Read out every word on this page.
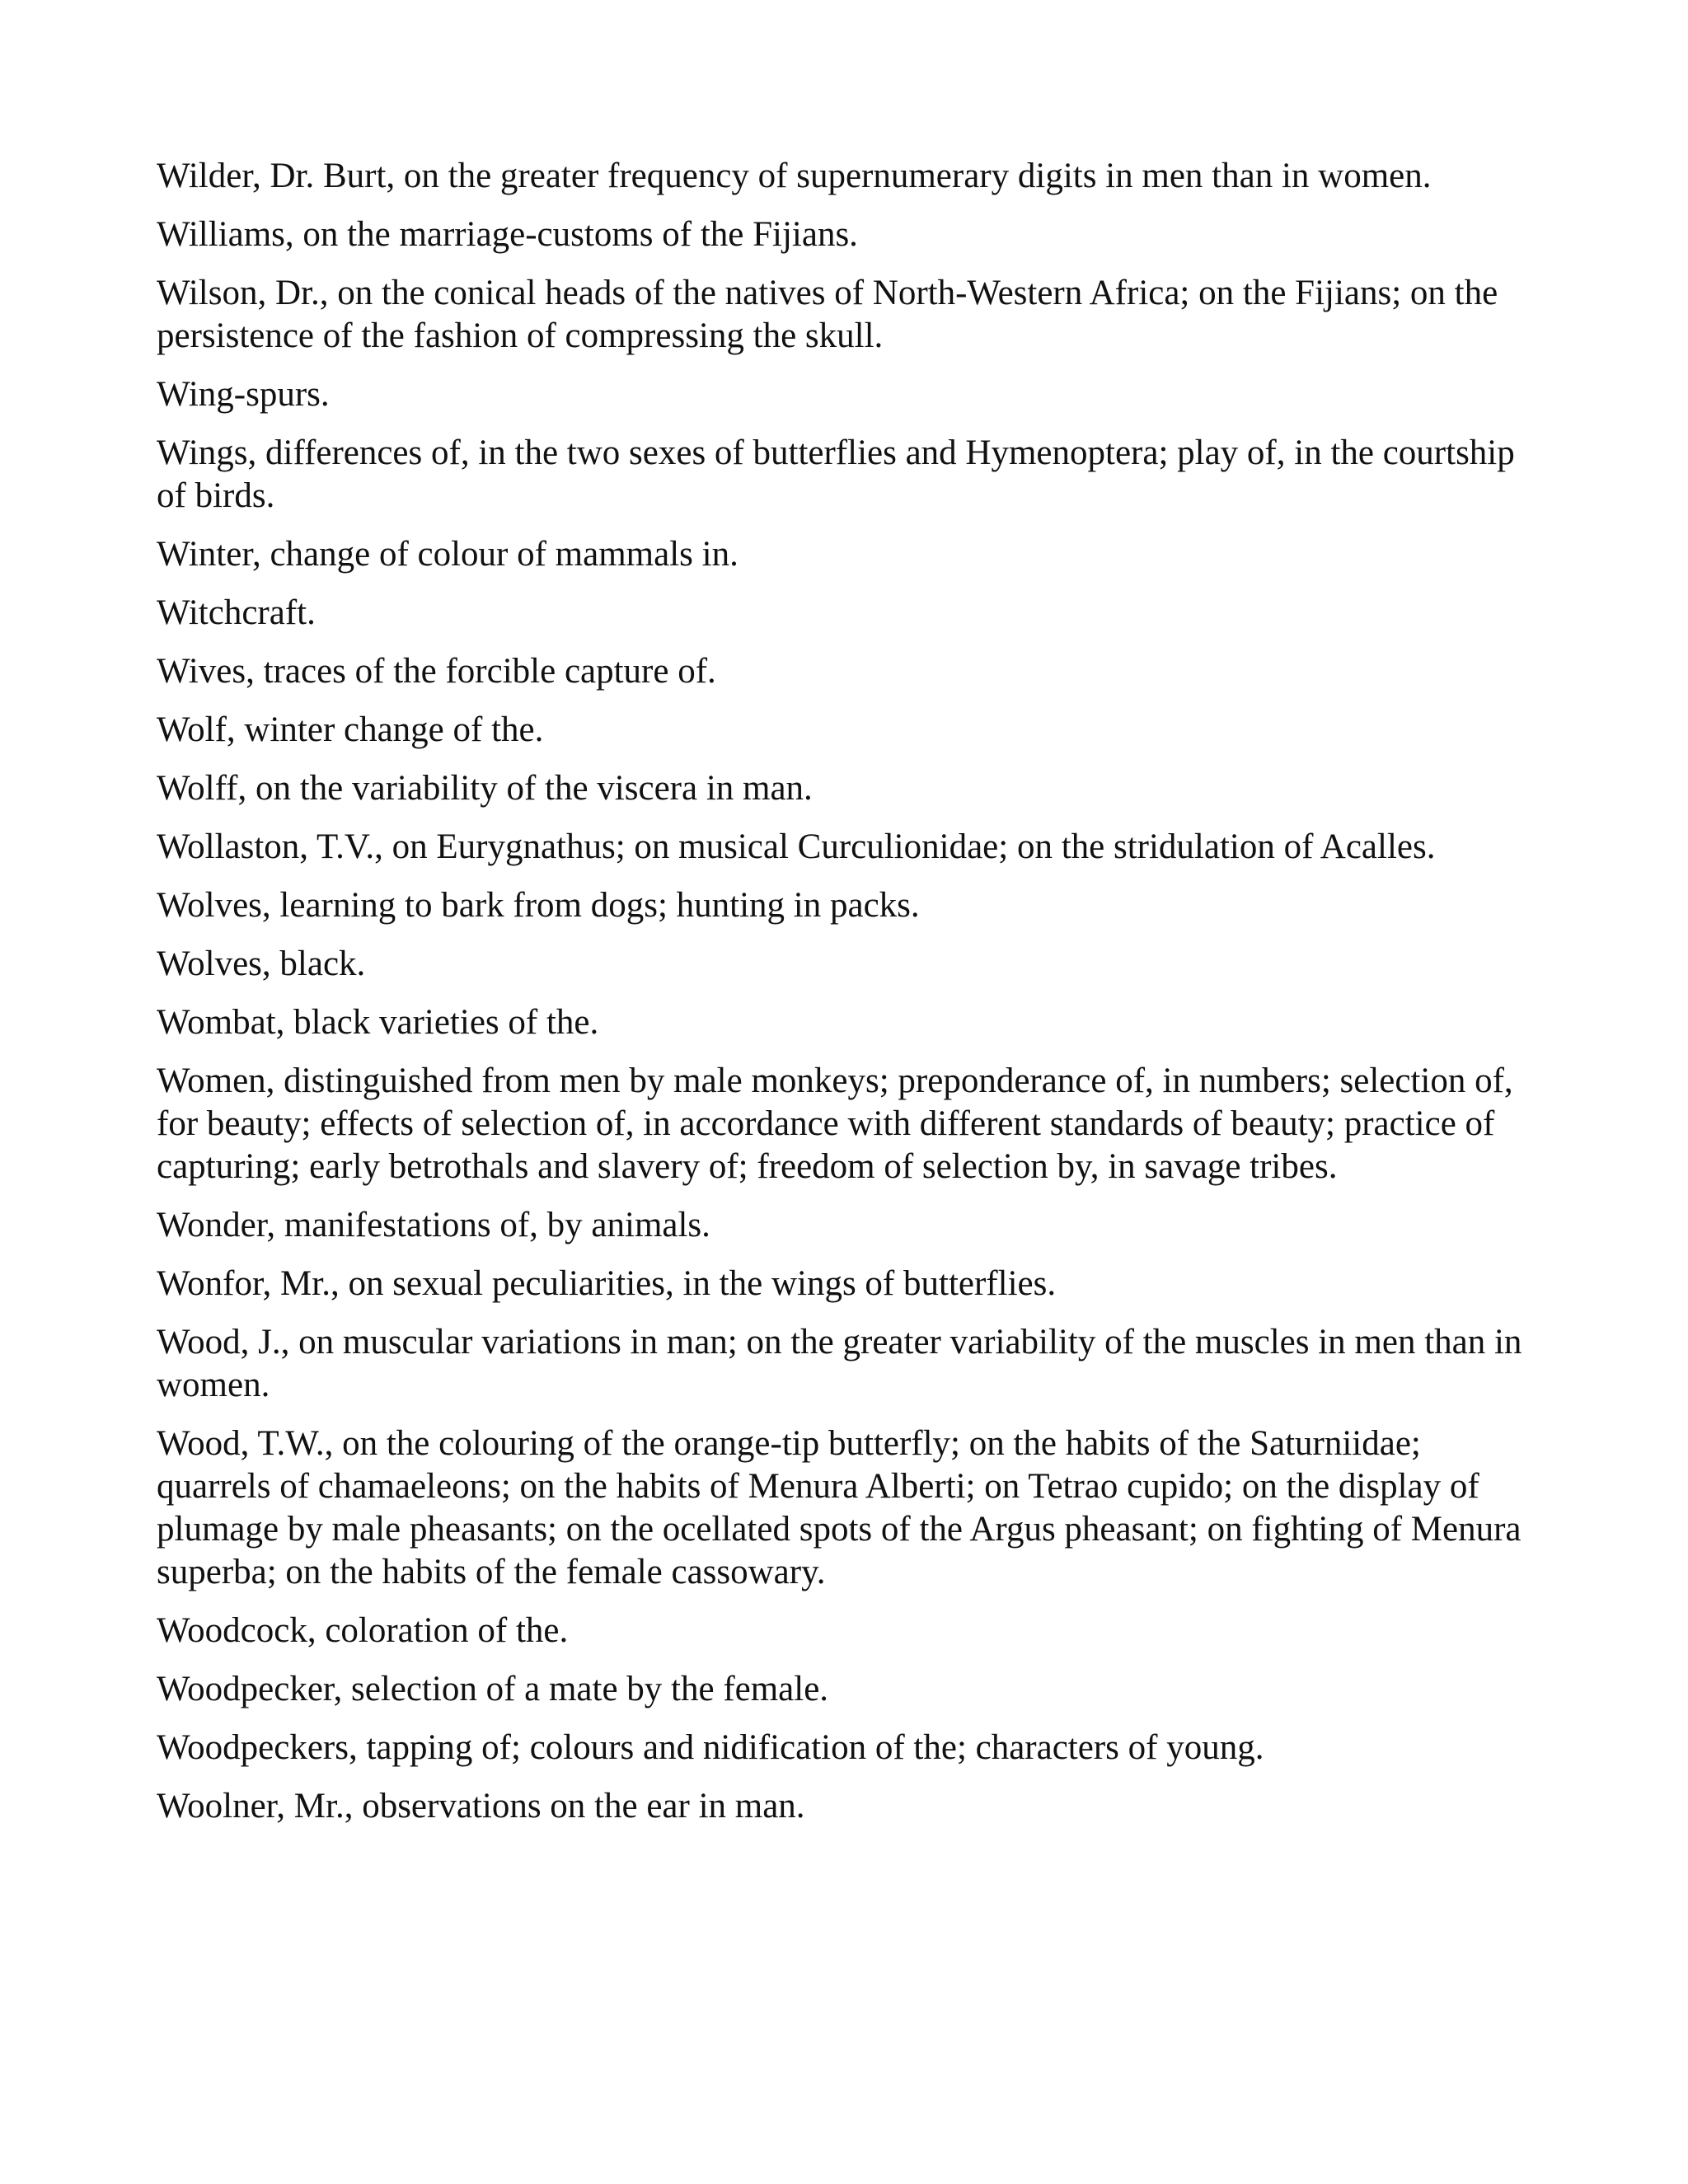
Wilder, Dr. Burt, on the greater frequency of supernumerary digits in men than in women.
Williams, on the marriage-customs of the Fijians.
Wilson, Dr., on the conical heads of the natives of North-Western Africa; on the Fijians; on the persistence of the fashion of compressing the skull.
Wing-spurs.
Wings, differences of, in the two sexes of butterflies and Hymenoptera; play of, in the courtship of birds.
Winter, change of colour of mammals in.
Witchcraft.
Wives, traces of the forcible capture of.
Wolf, winter change of the.
Wolff, on the variability of the viscera in man.
Wollaston, T.V., on Eurygnathus; on musical Curculionidae; on the stridulation of Acalles.
Wolves, learning to bark from dogs; hunting in packs.
Wolves, black.
Wombat, black varieties of the.
Women, distinguished from men by male monkeys; preponderance of, in numbers; selection of, for beauty; effects of selection of, in accordance with different standards of beauty; practice of capturing; early betrothals and slavery of; freedom of selection by, in savage tribes.
Wonder, manifestations of, by animals.
Wonfor, Mr., on sexual peculiarities, in the wings of butterflies.
Wood, J., on muscular variations in man; on the greater variability of the muscles in men than in women.
Wood, T.W., on the colouring of the orange-tip butterfly; on the habits of the Saturniidae; quarrels of chamaeleons; on the habits of Menura Alberti; on Tetrao cupido; on the display of plumage by male pheasants; on the ocellated spots of the Argus pheasant; on fighting of Menura superba; on the habits of the female cassowary.
Woodcock, coloration of the.
Woodpecker, selection of a mate by the female.
Woodpeckers, tapping of; colours and nidification of the; characters of young.
Woolner, Mr., observations on the ear in man.
